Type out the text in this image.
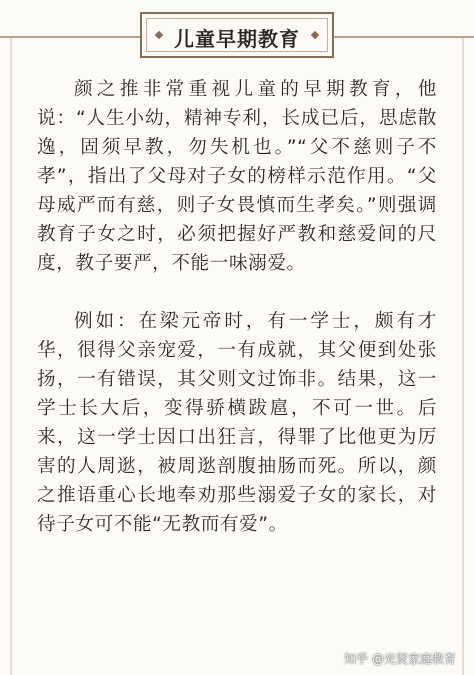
儿童早期教育

颜之推非常重视儿童的早期教育，他说：“人生小幼，精神专利，长成已后，思虑散逸，固须早教，勿失机也。”“父不慈则子不孝”，指出了父母对子女的榜样示范作用。“父母威严而有慈，则子女畏慎而生孝矣。”则强调教育子女之时，必须把握好严教和慈爱间的尺度，教子要严，不能一味溺爱。

例如：在梁元帝时，有一学士，颇有才华，很得父亲宠爱，一有成就，其父便到处张扬，一有错误，其父则文过饰非。结果，这一学士长大后，变得骄横跋扈，不可一世。后来，这一学士因口出狂言，得罪了比他更为厉害的人周逖，被周逖剖腹抽肠而死。所以，颜之推语重心长地奉劝那些溺爱子女的家长，对待子女可不能“无教而有爱”。

知乎 @光贤家庭教育
